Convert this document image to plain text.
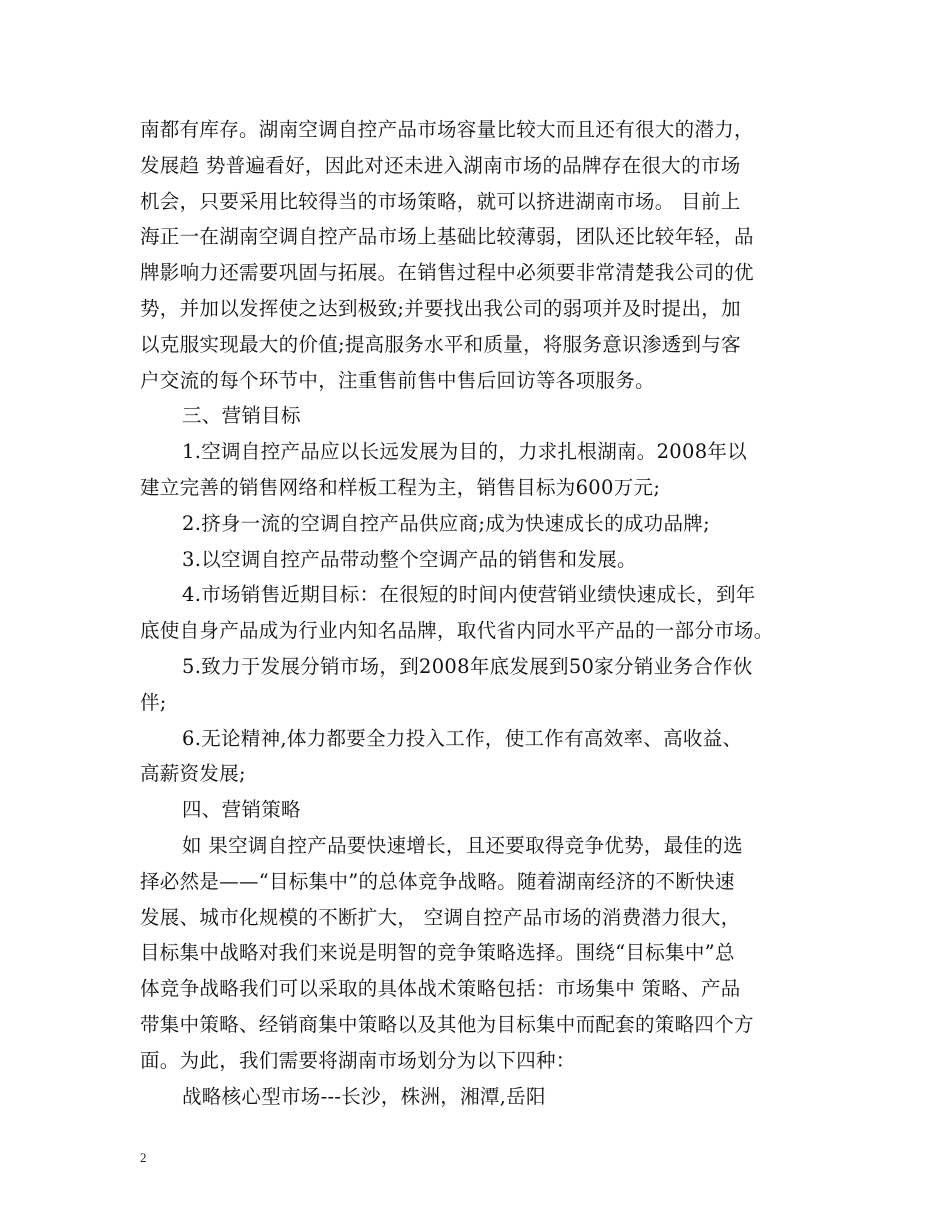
南都有库存。湖南空调自控产品市场容量比较大而且还有很大的潜力，
发展趋 势普遍看好，因此对还未进入湖南市场的品牌存在很大的市场
机会，只要采用比较得当的市场策略，就可以挤进湖南市场。 目前上
海正一在湖南空调自控产品市场上基础比较薄弱，团队还比较年轻，品
牌影响力还需要巩固与拓展。在销售过程中必须要非常清楚我公司的优
势，并加以发挥使之达到极致;并要找出我公司的弱项并及时提出，加
以克服实现最大的价值;提高服务水平和质量，将服务意识渗透到与客
户交流的每个环节中，注重售前售中售后回访等各项服务。
三、营销目标
1.空调自控产品应以长远发展为目的，力求扎根湖南。2008年以
建立完善的销售网络和样板工程为主，销售目标为600万元;
2.挤身一流的空调自控产品供应商;成为快速成长的成功品牌;
3.以空调自控产品带动整个空调产品的销售和发展。
4.市场销售近期目标：在很短的时间内使营销业绩快速成长，到年
底使自身产品成为行业内知名品牌，取代省内同水平产品的一部分市场。
5.致力于发展分销市场，到2008年底发展到50家分销业务合作伙
伴;
6.无论精神,体力都要全力投入工作，使工作有高效率、高收益、
高薪资发展;
四、营销策略
如 果空调自控产品要快速增长，且还要取得竞争优势，最佳的选
择必然是——“目标集中”的总体竞争战略。随着湖南经济的不断快速
发展、城市化规模的不断扩大， 空调自控产品市场的消费潜力很大，
目标集中战略对我们来说是明智的竞争策略选择。围绕“目标集中”总
体竞争战略我们可以采取的具体战术策略包括：市场集中 策略、产品
带集中策略、经销商集中策略以及其他为目标集中而配套的策略四个方
面。为此，我们需要将湖南市场划分为以下四种：
战略核心型市场---长沙，株洲，湘潭,岳阳
2
